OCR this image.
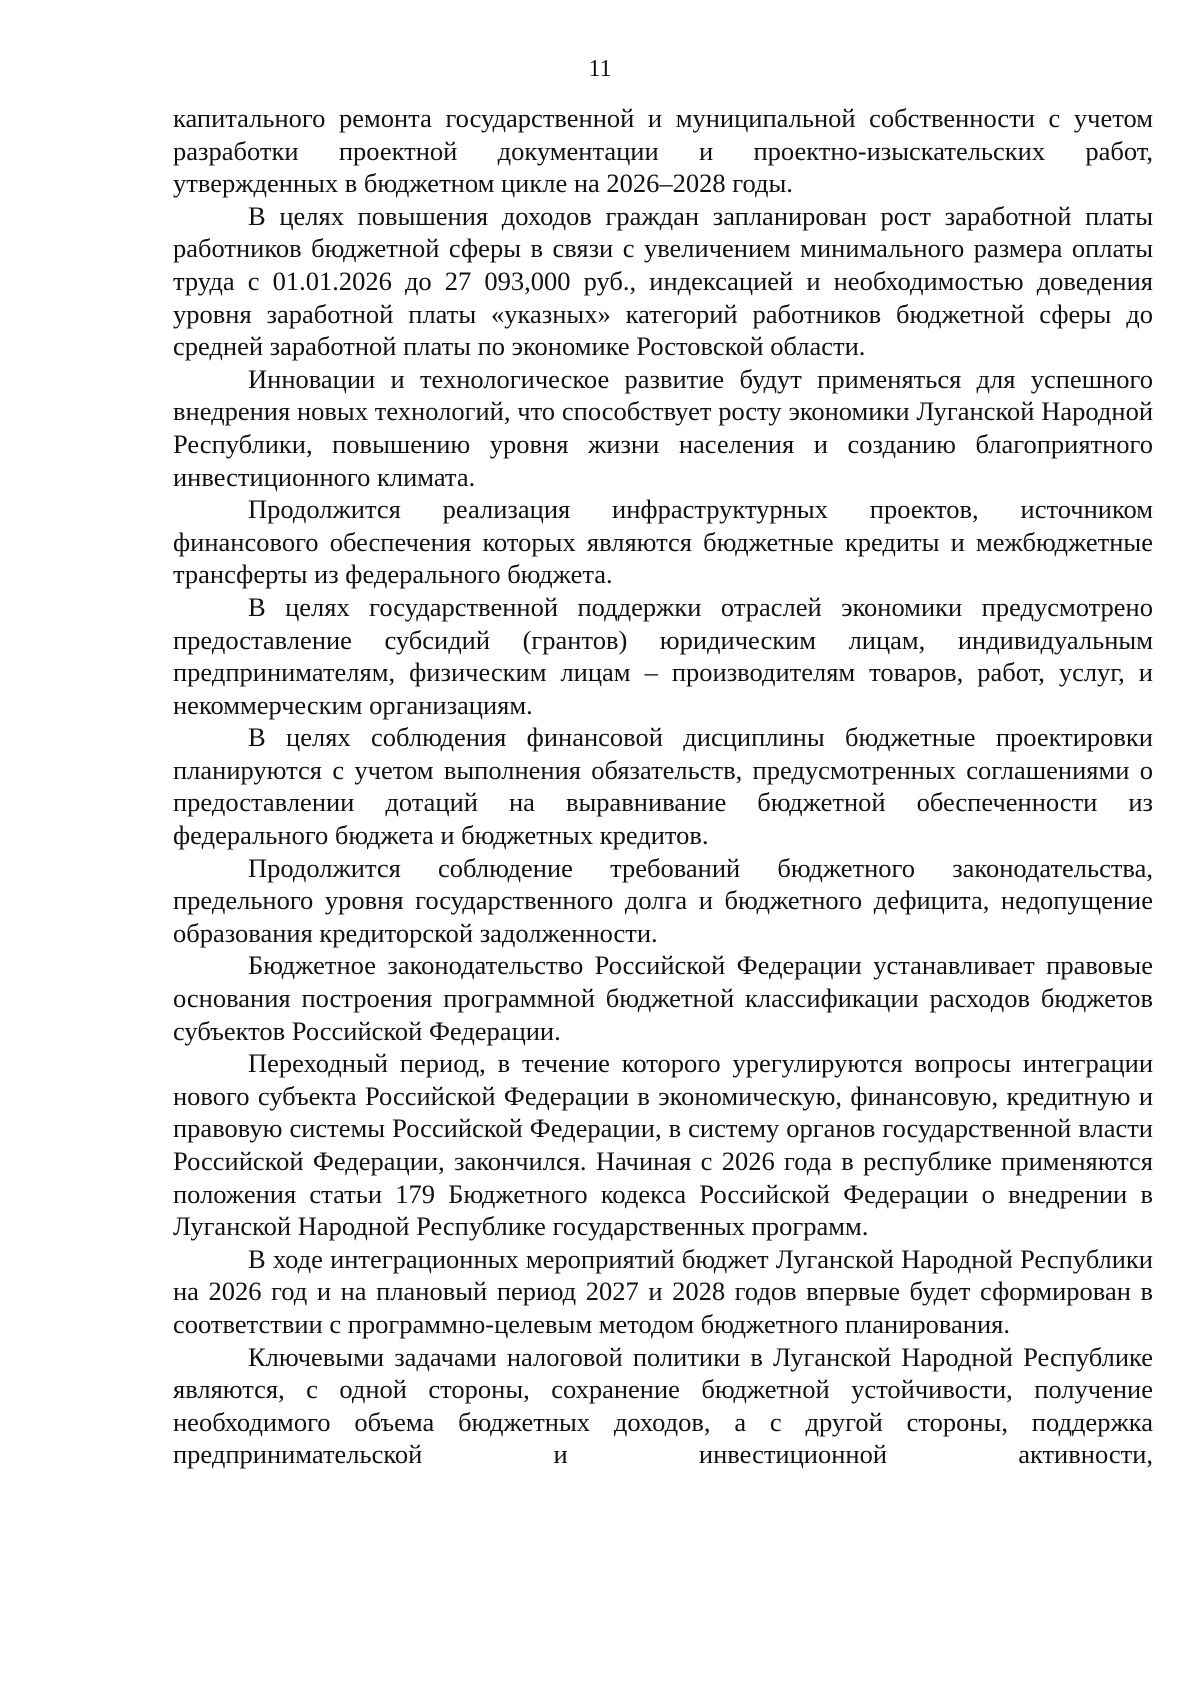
11

капитального ремонта государственной и муниципальной собственности с учетом разработки проектной документации и проектно-изыскательских работ, утвержденных в бюджетном цикле на 2026–2028 годы.

В целях повышения доходов граждан запланирован рост заработной платы работников бюджетной сферы в связи с увеличением минимального размера оплаты труда с 01.01.2026 до 27 093,000 руб., индексацией и необходимостью доведения уровня заработной платы «указных» категорий работников бюджетной сферы до средней заработной платы по экономике Ростовской области.

Инновации и технологическое развитие будут применяться для успешного внедрения новых технологий, что способствует росту экономики Луганской Народной Республики, повышению уровня жизни населения и созданию благоприятного инвестиционного климата.

Продолжится реализация инфраструктурных проектов, источником финансового обеспечения которых являются бюджетные кредиты и межбюджетные трансферты из федерального бюджета.

В целях государственной поддержки отраслей экономики предусмотрено предоставление субсидий (грантов) юридическим лицам, индивидуальным предпринимателям, физическим лицам – производителям товаров, работ, услуг, и некоммерческим организациям.

В целях соблюдения финансовой дисциплины бюджетные проектировки планируются с учетом выполнения обязательств, предусмотренных соглашениями о предоставлении дотаций на выравнивание бюджетной обеспеченности из федерального бюджета и бюджетных кредитов.

Продолжится соблюдение требований бюджетного законодательства, предельного уровня государственного долга и бюджетного дефицита, недопущение образования кредиторской задолженности.

Бюджетное законодательство Российской Федерации устанавливает правовые основания построения программной бюджетной классификации расходов бюджетов субъектов Российской Федерации.

Переходный период, в течение которого урегулируются вопросы интеграции нового субъекта Российской Федерации в экономическую, финансовую, кредитную и правовую системы Российской Федерации, в систему органов государственной власти Российской Федерации, закончился. Начиная с 2026 года в республике применяются положения статьи 179 Бюджетного кодекса Российской Федерации о внедрении в Луганской Народной Республике государственных программ.

В ходе интеграционных мероприятий бюджет Луганской Народной Республики на 2026 год и на плановый период 2027 и 2028 годов впервые будет сформирован в соответствии с программно-целевым методом бюджетного планирования.

Ключевыми задачами налоговой политики в Луганской Народной Республике являются, с одной стороны, сохранение бюджетной устойчивости, получение необходимого объема бюджетных доходов, а с другой стороны, поддержка предпринимательской и инвестиционной активности,
